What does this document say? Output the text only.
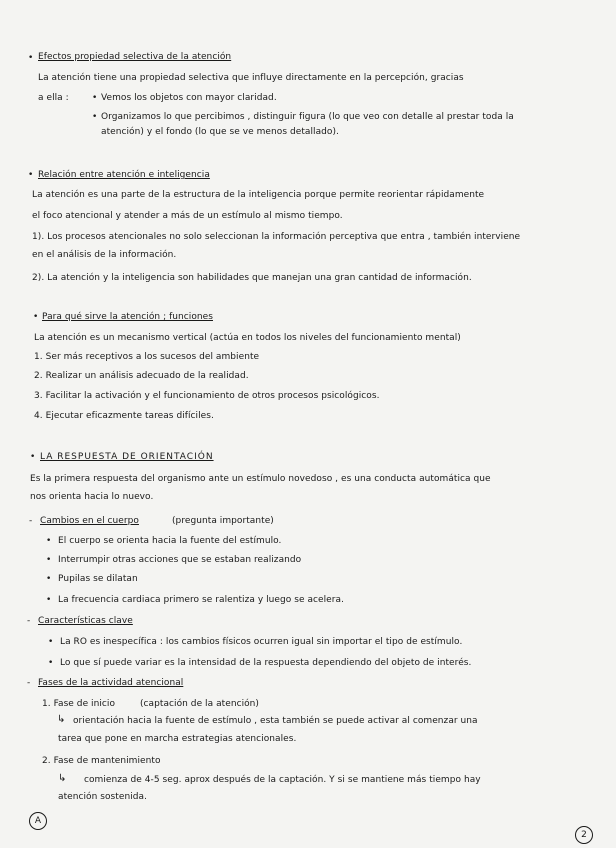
• Efectos propiedad selectiva de la atención
La atención tiene una propiedad selectiva que influye directamente en la percepción, gracias
a ella :	• Vemos los objetos con mayor claridad.
• Organizamos lo que percibimos , distinguir figura (lo que veo con detalle al prestar toda la
atención) y el fondo (lo que se ve menos detallado).
• Relación entre atención e inteligencia
La atención es una parte de la estructura de la inteligencia porque permite reorientar rápidamente
el foco atencional y atender a más de un estímulo al mismo tiempo.
1). Los procesos atencionales no solo seleccionan la información perceptiva que entra , también interviene
en el análisis de la información.
2). La atención y la inteligencia son habilidades que manejan una gran cantidad de información.
• Para qué sirve la atención ; funciones
La atención es un mecanismo vertical (actúa en todos los niveles del funcionamiento mental)
1. Ser más receptivos a los sucesos del ambiente
2. Realizar un análisis adecuado de la realidad.
3. Facilitar la activación y el funcionamiento de otros procesos psicológicos.
4. Ejecutar eficazmente tareas difíciles.
• LA RESPUESTA DE ORIENTACIÓN
Es la primera respuesta del organismo ante un estímulo novedoso , es una conducta automática que
nos orienta hacia lo nuevo.
- Cambios en el cuerpo	(pregunta importante)
• El cuerpo se orienta hacia la fuente del estímulo.
• Interrumpir otras acciones que se estaban realizando
• Pupilas se dilatan
• La frecuencia cardiaca primero se ralentiza y luego se acelera.
- Características clave
• La RO es inespecífica : los cambios físicos ocurren igual sin importar el tipo de estímulo.
• Lo que sí puede variar es la intensidad de la respuesta dependiendo del objeto de interés.
- Fases de la actividad atencional
1. Fase de inicio	(captación de la atención)
↳ orientación hacia la fuente de estímulo , esta también se puede activar al comenzar una
tarea que pone en marcha estrategias atencionales.
2. Fase de mantenimiento
↳ comienza de 4-5 seg. aprox después de la captación. Y si se mantiene más tiempo hay
atención sostenida.
A
2
